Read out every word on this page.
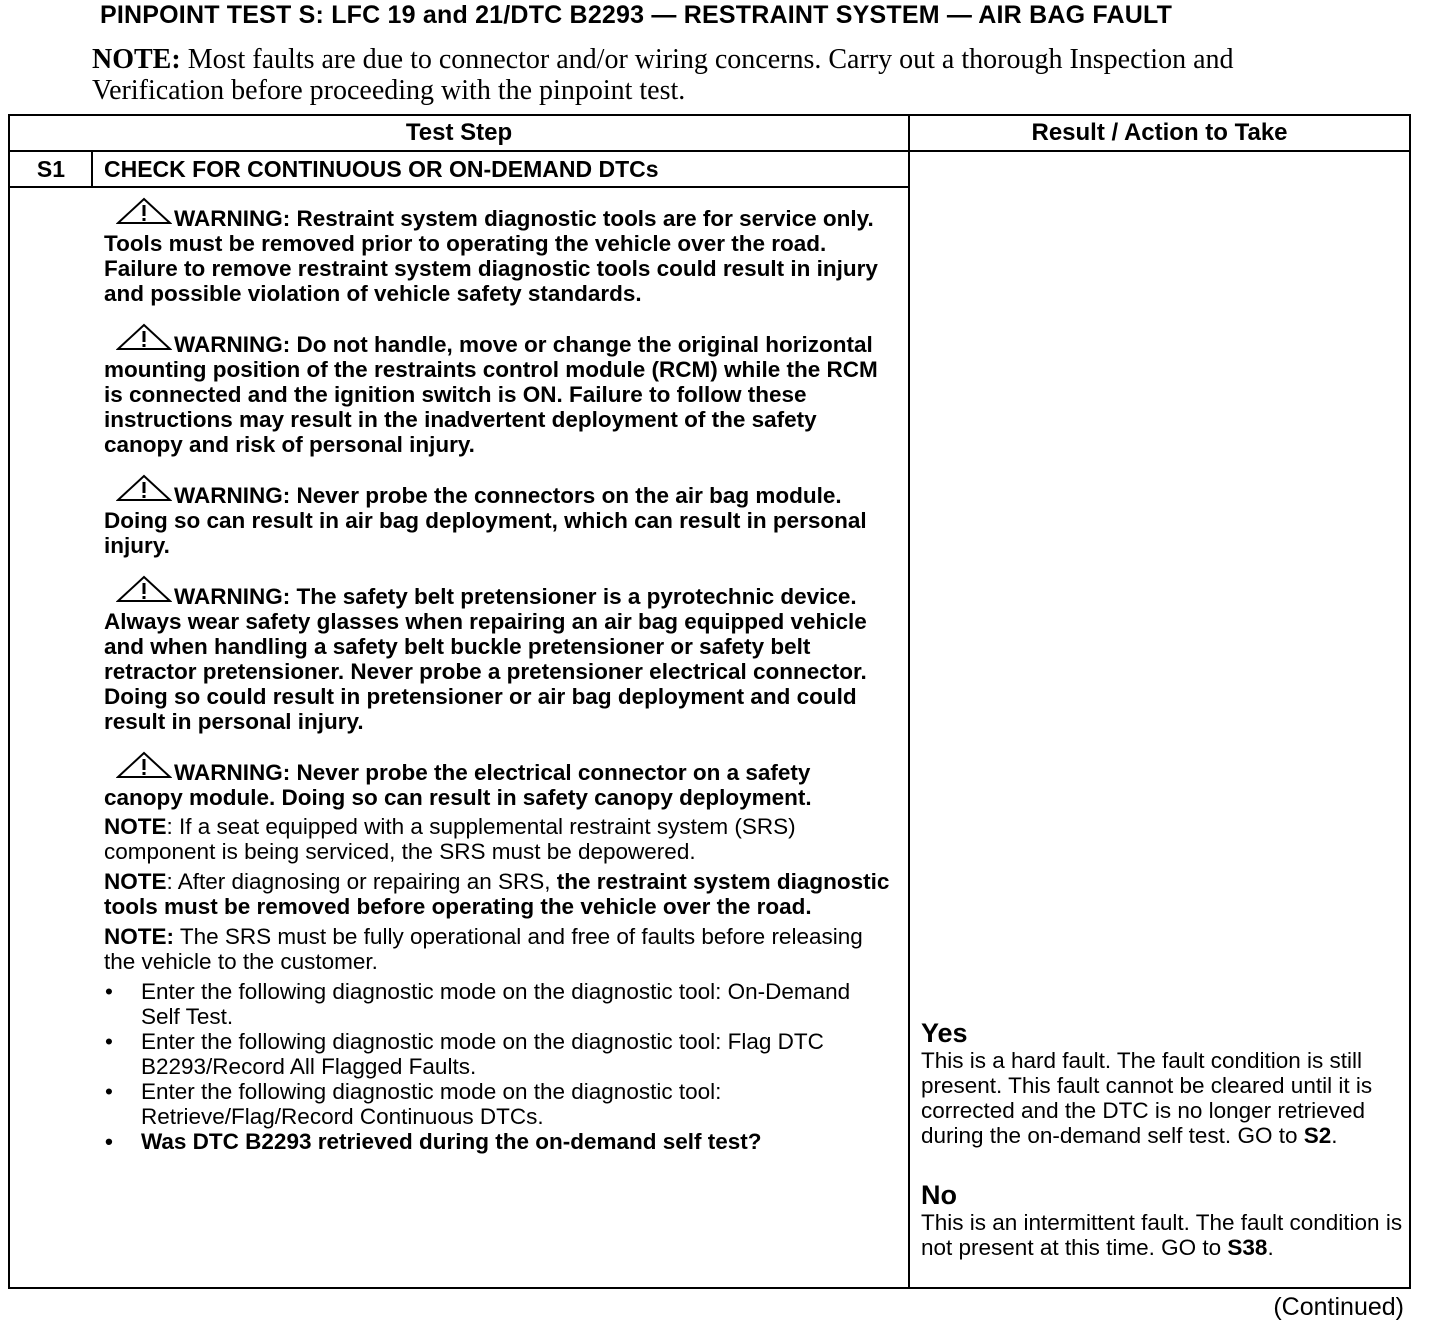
PINPOINT TEST S: LFC 19 and 21/DTC B2293 — RESTRAINT SYSTEM — AIR BAG FAULT
NOTE: Most faults are due to connector and/or wiring concerns. Carry out a thorough Inspection and Verification before proceeding with the pinpoint test.
Test Step	Result / Action to Take
S1	CHECK FOR CONTINUOUS OR ON-DEMAND DTCs
WARNING: Restraint system diagnostic tools are for service only. Tools must be removed prior to operating the vehicle over the road. Failure to remove restraint system diagnostic tools could result in injury and possible violation of vehicle safety standards.
WARNING: Do not handle, move or change the original horizontal mounting position of the restraints control module (RCM) while the RCM is connected and the ignition switch is ON. Failure to follow these instructions may result in the inadvertent deployment of the safety canopy and risk of personal injury.
WARNING: Never probe the connectors on the air bag module. Doing so can result in air bag deployment, which can result in personal injury.
WARNING: The safety belt pretensioner is a pyrotechnic device. Always wear safety glasses when repairing an air bag equipped vehicle and when handling a safety belt buckle pretensioner or safety belt retractor pretensioner. Never probe a pretensioner electrical connector. Doing so could result in pretensioner or air bag deployment and could result in personal injury.
WARNING: Never probe the electrical connector on a safety canopy module. Doing so can result in safety canopy deployment.
NOTE: If a seat equipped with a supplemental restraint system (SRS) component is being serviced, the SRS must be depowered.
NOTE: After diagnosing or repairing an SRS, the restraint system diagnostic tools must be removed before operating the vehicle over the road.
NOTE: The SRS must be fully operational and free of faults before releasing the vehicle to the customer.
• Enter the following diagnostic mode on the diagnostic tool: On-Demand Self Test.
• Enter the following diagnostic mode on the diagnostic tool: Flag DTC B2293/Record All Flagged Faults.
• Enter the following diagnostic mode on the diagnostic tool: Retrieve/Flag/Record Continuous DTCs.
• Was DTC B2293 retrieved during the on-demand self test?
Yes
This is a hard fault. The fault condition is still present. This fault cannot be cleared until it is corrected and the DTC is no longer retrieved during the on-demand self test. GO to S2.
No
This is an intermittent fault. The fault condition is not present at this time. GO to S38.
(Continued)
